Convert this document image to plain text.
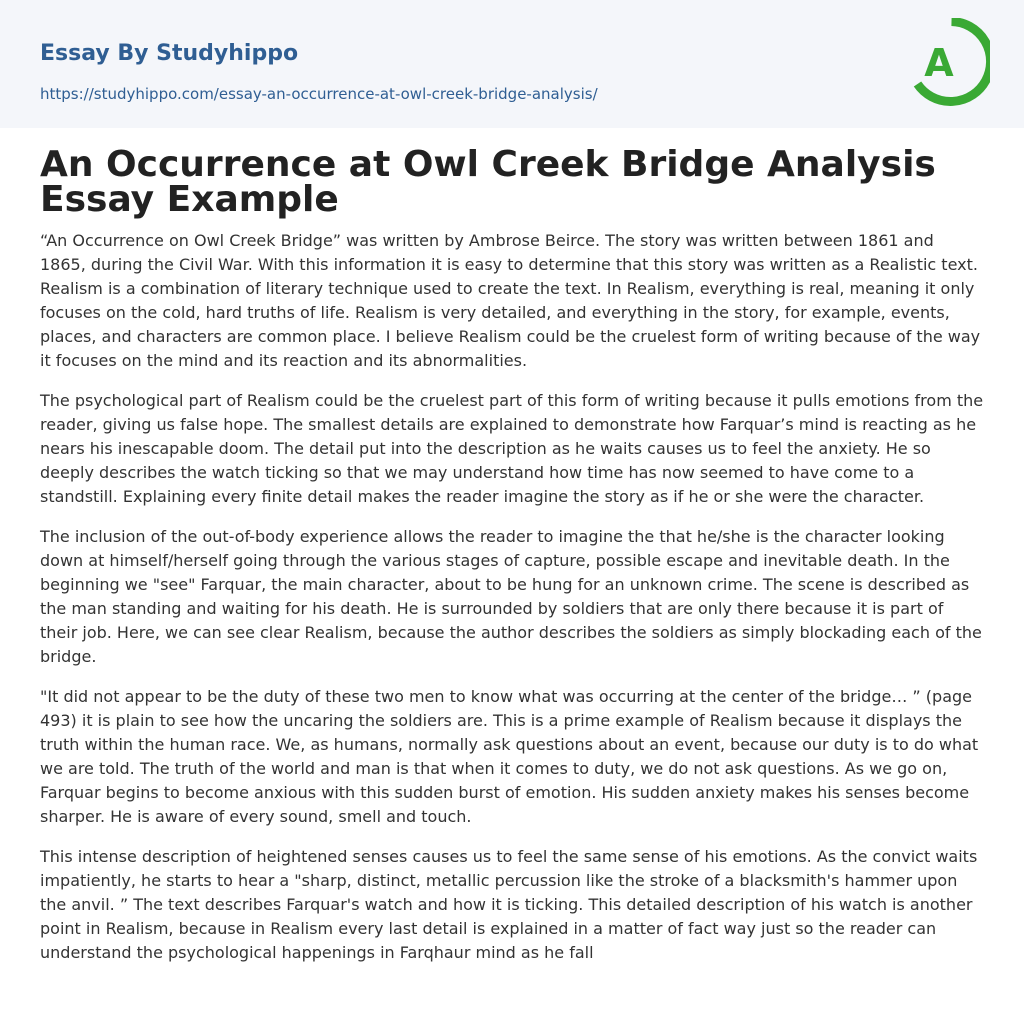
Essay By Studyhippo
https://studyhippo.com/essay-an-occurrence-at-owl-creek-bridge-analysis/
A
An Occurrence at Owl Creek Bridge Analysis Essay Example

“An Occurrence on Owl Creek Bridge” was written by Ambrose Beirce. The story was written between 1861 and 1865, during the Civil War. With this information it is easy to determine that this story was written as a Realistic text. Realism is a combination of literary technique used to create the text. In Realism, everything is real, meaning it only focuses on the cold, hard truths of life. Realism is very detailed, and everything in the story, for example, events, places, and characters are common place. I believe Realism could be the cruelest form of writing because of the way it focuses on the mind and its reaction and its abnormalities.

The psychological part of Realism could be the cruelest part of this form of writing because it pulls emotions from the reader, giving us false hope. The smallest details are explained to demonstrate how Farquar’s mind is reacting as he nears his inescapable doom. The detail put into the description as he waits causes us to feel the anxiety. He so deeply describes the watch ticking so that we may understand how time has now seemed to have come to a standstill. Explaining every finite detail makes the reader imagine the story as if he or she were the character.

The inclusion of the out-of-body experience allows the reader to imagine the that he/she is the character looking down at himself/herself going through the various stages of capture, possible escape and inevitable death. In the beginning we "see" Farquar, the main character, about to be hung for an unknown crime. The scene is described as the man standing and waiting for his death. He is surrounded by soldiers that are only there because it is part of their job. Here, we can see clear Realism, because the author describes the soldiers as simply blockading each of the bridge.

"It did not appear to be the duty of these two men to know what was occurring at the center of the bridge… ” (page 493) it is plain to see how the uncaring the soldiers are. This is a prime example of Realism because it displays the truth within the human race. We, as humans, normally ask questions about an event, because our duty is to do what we are told. The truth of the world and man is that when it comes to duty, we do not ask questions. As we go on, Farquar begins to become anxious with this sudden burst of emotion. His sudden anxiety makes his senses become sharper. He is aware of every sound, smell and touch.

This intense description of heightened senses causes us to feel the same sense of his emotions. As the convict waits impatiently, he starts to hear a "sharp, distinct, metallic percussion like the stroke of a blacksmith's hammer upon the anvil. ” The text describes Farquar's watch and how it is ticking. This detailed description of his watch is another point in Realism, because in Realism every last detail is explained in a matter of fact way just so the reader can understand the psychological happenings in Farqhaur mind as he fall
